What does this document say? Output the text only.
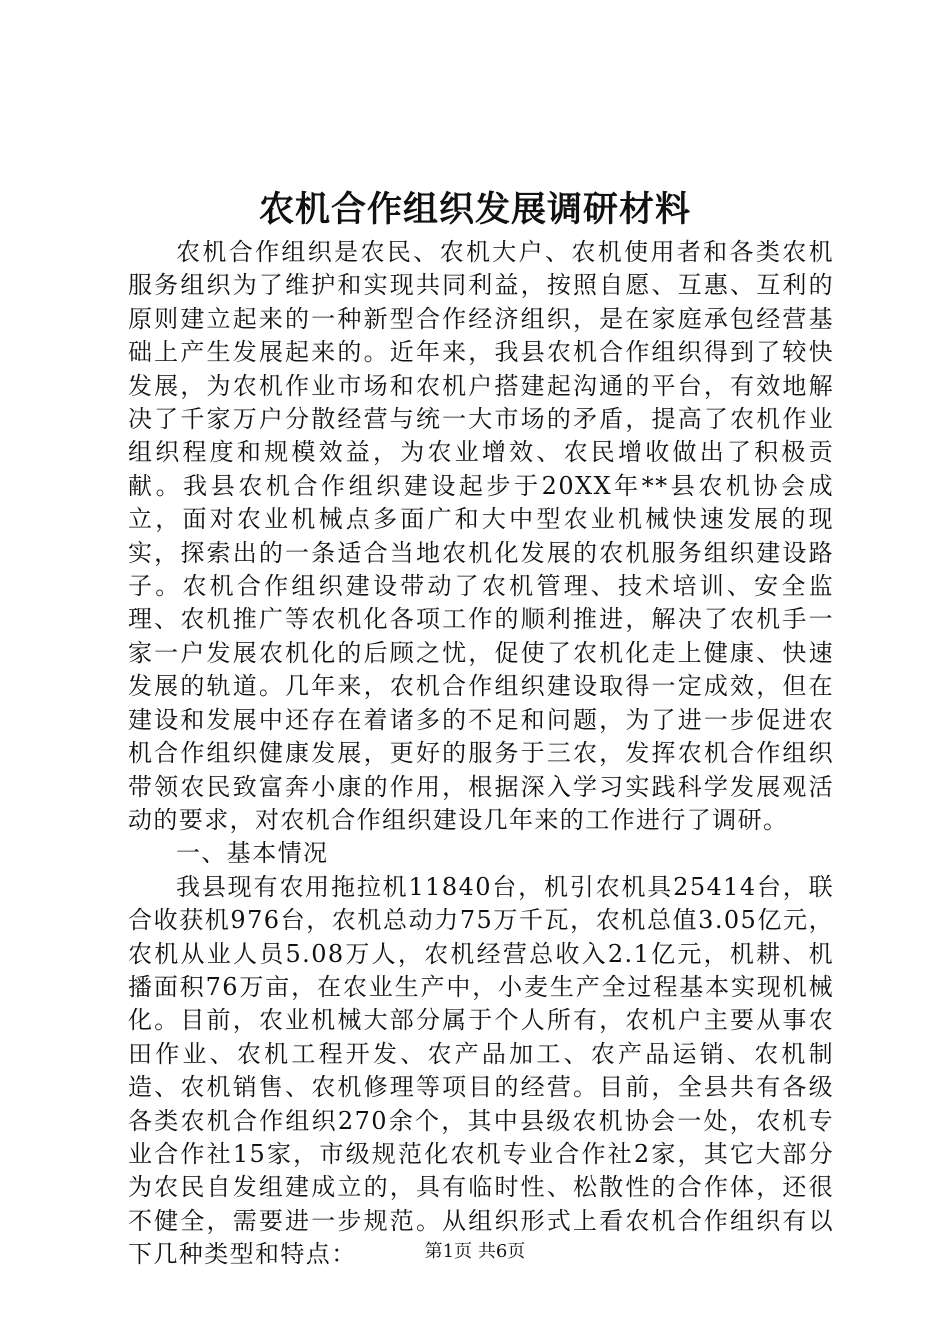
农机合作组织发展调研材料

农机合作组织是农民、农机大户、农机使用者和各类农机服务组织为了维护和实现共同利益，按照自愿、互惠、互利的原则建立起来的一种新型合作经济组织，是在家庭承包经营基础上产生发展起来的。近年来，我县农机合作组织得到了较快发展，为农机作业市场和农机户搭建起沟通的平台，有效地解决了千家万户分散经营与统一大市场的矛盾，提高了农机作业组织程度和规模效益，为农业增效、农民增收做出了积极贡献。我县农机合作组织建设起步于20XX年**县农机协会成立，面对农业机械点多面广和大中型农业机械快速发展的现实，探索出的一条适合当地农机化发展的农机服务组织建设路子。农机合作组织建设带动了农机管理、技术培训、安全监理、农机推广等农机化各项工作的顺利推进，解决了农机手一家一户发展农机化的后顾之忧，促使了农机化走上健康、快速发展的轨道。几年来，农机合作组织建设取得一定成效，但在建设和发展中还存在着诸多的不足和问题，为了进一步促进农机合作组织健康发展，更好的服务于三农，发挥农机合作组织带领农民致富奔小康的作用，根据深入学习实践科学发展观活动的要求，对农机合作组织建设几年来的工作进行了调研。

一、基本情况

我县现有农用拖拉机11840台，机引农机具25414台，联合收获机976台，农机总动力75万千瓦，农机总值3.05亿元，农机从业人员5.08万人，农机经营总收入2.1亿元，机耕、机播面积76万亩，在农业生产中，小麦生产全过程基本实现机械化。目前，农业机械大部分属于个人所有，农机户主要从事农田作业、农机工程开发、农产品加工、农产品运销、农机制造、农机销售、农机修理等项目的经营。目前，全县共有各级各类农机合作组织270余个，其中县级农机协会一处，农机专业合作社15家，市级规范化农机专业合作社2家，其它大部分为农民自发组建成立的，具有临时性、松散性的合作体，还很不健全，需要进一步规范。从组织形式上看农机合作组织有以下几种类型和特点：	第1页 共6页
